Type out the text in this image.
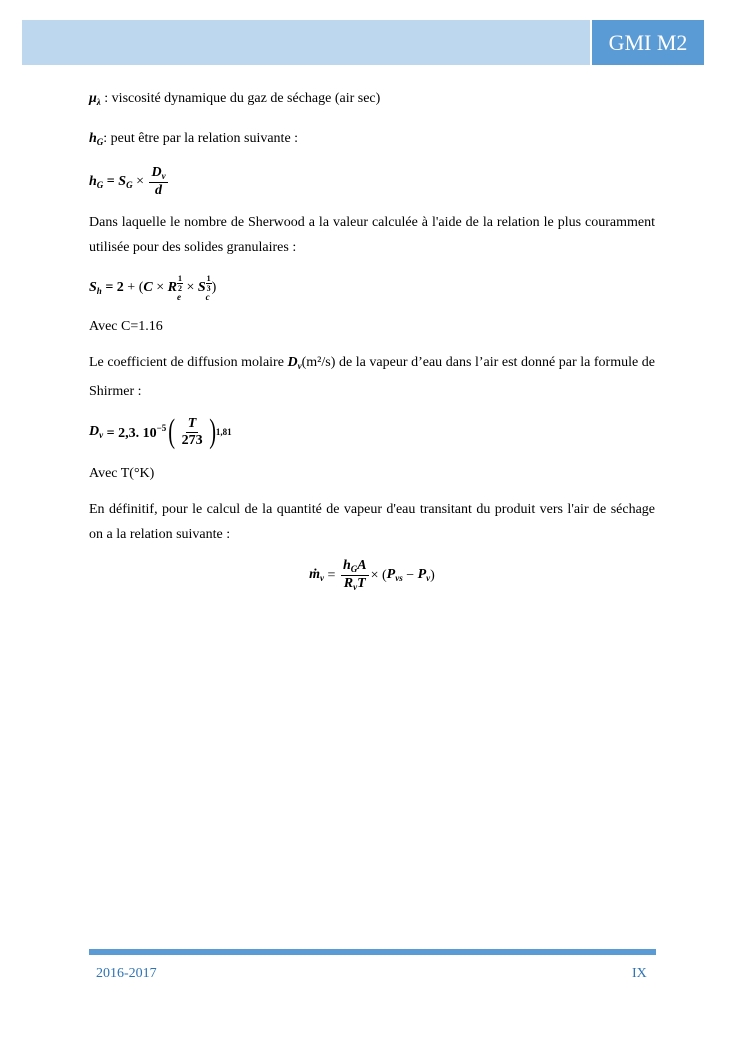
GMI M2

$\mu_\lambda$ : viscosité dynamique du gaz de séchage (air sec)

$h_G$: peut être par la relation suivante :

$h_G$
=
$S_G \times \frac{D_v}{d}$

Dans laquelle le nombre de Sherwood a la valeur calculée à l'aide de la relation le plus couramment utilisée pour des solides granulaires :

$S_h$
= 2 + ( C × R $\frac{1}{2}$
e
× S $\frac{1}{3}$
c
)

Avec C=1.16

Le coefficient de diffusion molaire $D_v(m^2/s)$ de la vapeur d’eau dans l’air est donné par la formule de Shirmer :

$D_v$
= 2,3. $10^{-5}$ ( $\frac{T}{273}$ ) 1,81

Avec T(°K)

En définitif, pour le calcul de la quantité de vapeur d'eau transitant du produit vers l'air de séchage on a la relation suivante :

ṁ$_v$ = $\frac{h_GA}{R_vT}$ × ( $P_{vs} - P_v$ )
2016-2017	IX
